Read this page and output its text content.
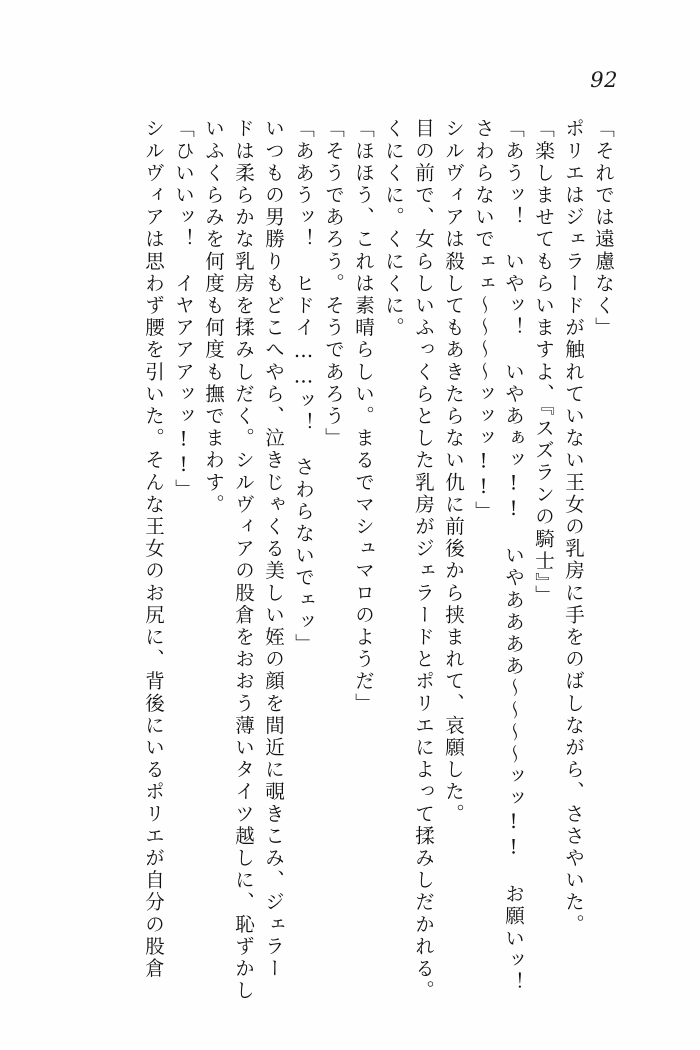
92
「それでは遠慮なく」
ポリエはジェラードが触れていない王女の乳房に手をのばしながら、ささやいた。
「楽しませてもらいますよ、『スズランの騎士』」
「あうッ！　いやッ！　いやあぁッ!!　いやああああ〜〜〜〜ッッ!!　お願いッ！
さわらないでェェ〜〜〜〜ッッッ!!」
シルヴィアは殺してもあきたらない仇に前後から挟まれて、哀願した。
目の前で、女らしいふっくらとした乳房がジェラードとポリエによって揉みしだかれる。
くにくに。くにくに。
「ほほう、これは素晴らしい。まるでマシュマロのようだ」
「そうであろう。そうであろう」
「ああうッ！　ヒドイ……ッ！　さわらないでェッ」
いつもの男勝りもどこへやら、泣きじゃくる美しい姪の顔を間近に覗きこみ、ジェラー
ドは柔らかな乳房を揉みしだく。シルヴィアの股倉をおおう薄いタイツ越しに、恥ずかし
いふくらみを何度も何度も撫でまわす。
「ひいいッ！　イヤアアアッッ!!」
シルヴィアは思わず腰を引いた。そんな王女のお尻に、背後にいるポリエが自分の股倉
